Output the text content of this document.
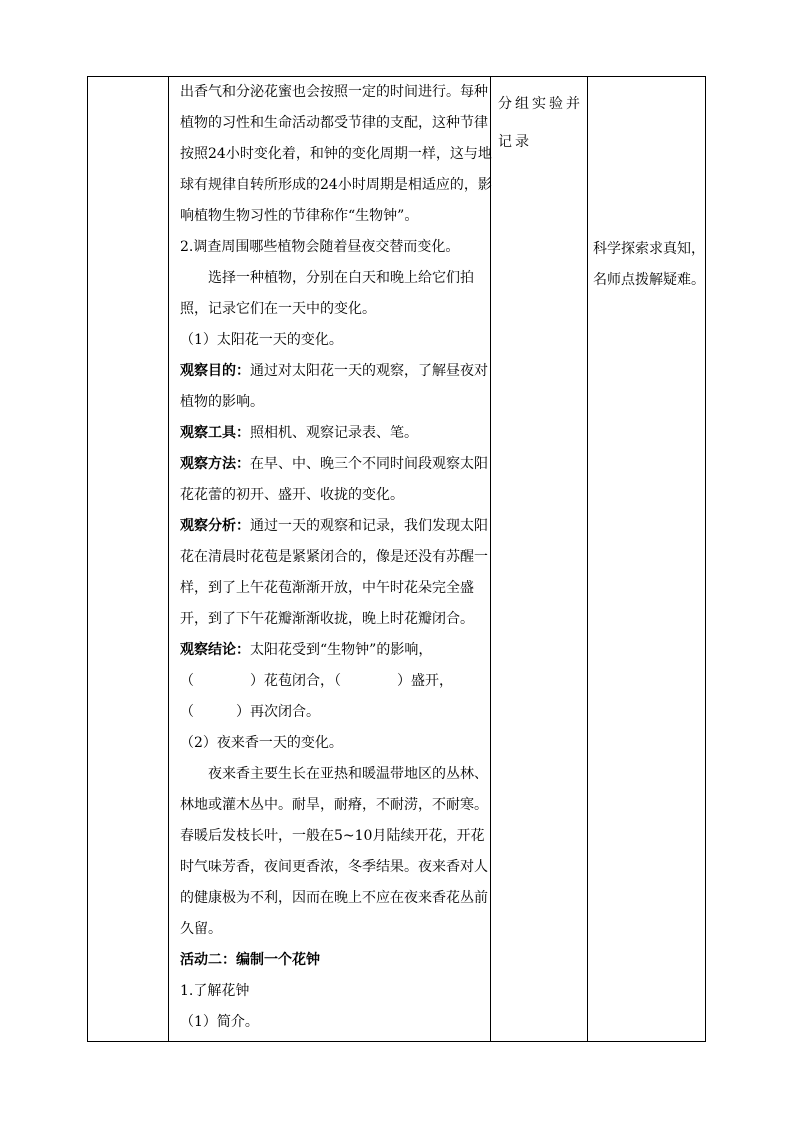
出香气和分泌花蜜也会按照一定的时间进行。每种植物的习性和生命活动都受节律的支配，这种节律按照24小时变化着，和钟的变化周期一样，这与地球有规律自转所形成的24小时周期是相适应的，影响植物生物习性的节律称作“生物钟”。

2.调查周围哪些植物会随着昼夜交替而变化。

选择一种植物，分别在白天和晚上给它们拍照，记录它们在一天中的变化。

（1）太阳花一天的变化。

观察目的：通过对太阳花一天的观察，了解昼夜对植物的影响。

观察工具：照相机、观察记录表、笔。

观察方法：在早、中、晚三个不同时间段观察太阳花花蕾的初开、盛开、收拢的变化。

观察分析：通过一天的观察和记录，我们发现太阳花在清晨时花苞是紧紧闭合的，像是还没有苏醒一样，到了上午花苞渐渐开放，中午时花朵完全盛开，到了下午花瓣渐渐收拢，晚上时花瓣闭合。

观察结论：太阳花受到“生物钟”的影响，

（　　　　）花苞闭合，（　　　　）盛开，

（　　　）再次闭合。

（2）夜来香一天的变化。

夜来香主要生长在亚热和暖温带地区的丛林、林地或灌木丛中。耐旱，耐瘠，不耐涝，不耐寒。春暖后发枝长叶，一般在5~10月陆续开花，开花时气味芳香，夜间更香浓，冬季结果。夜来香对人的健康极为不利，因而在晚上不应在夜来香花丛前久留。

活动二：编制一个花钟

1.了解花钟

（1）简介。

分组实验并

记录

科学探索求真知，

名师点拨解疑难。
